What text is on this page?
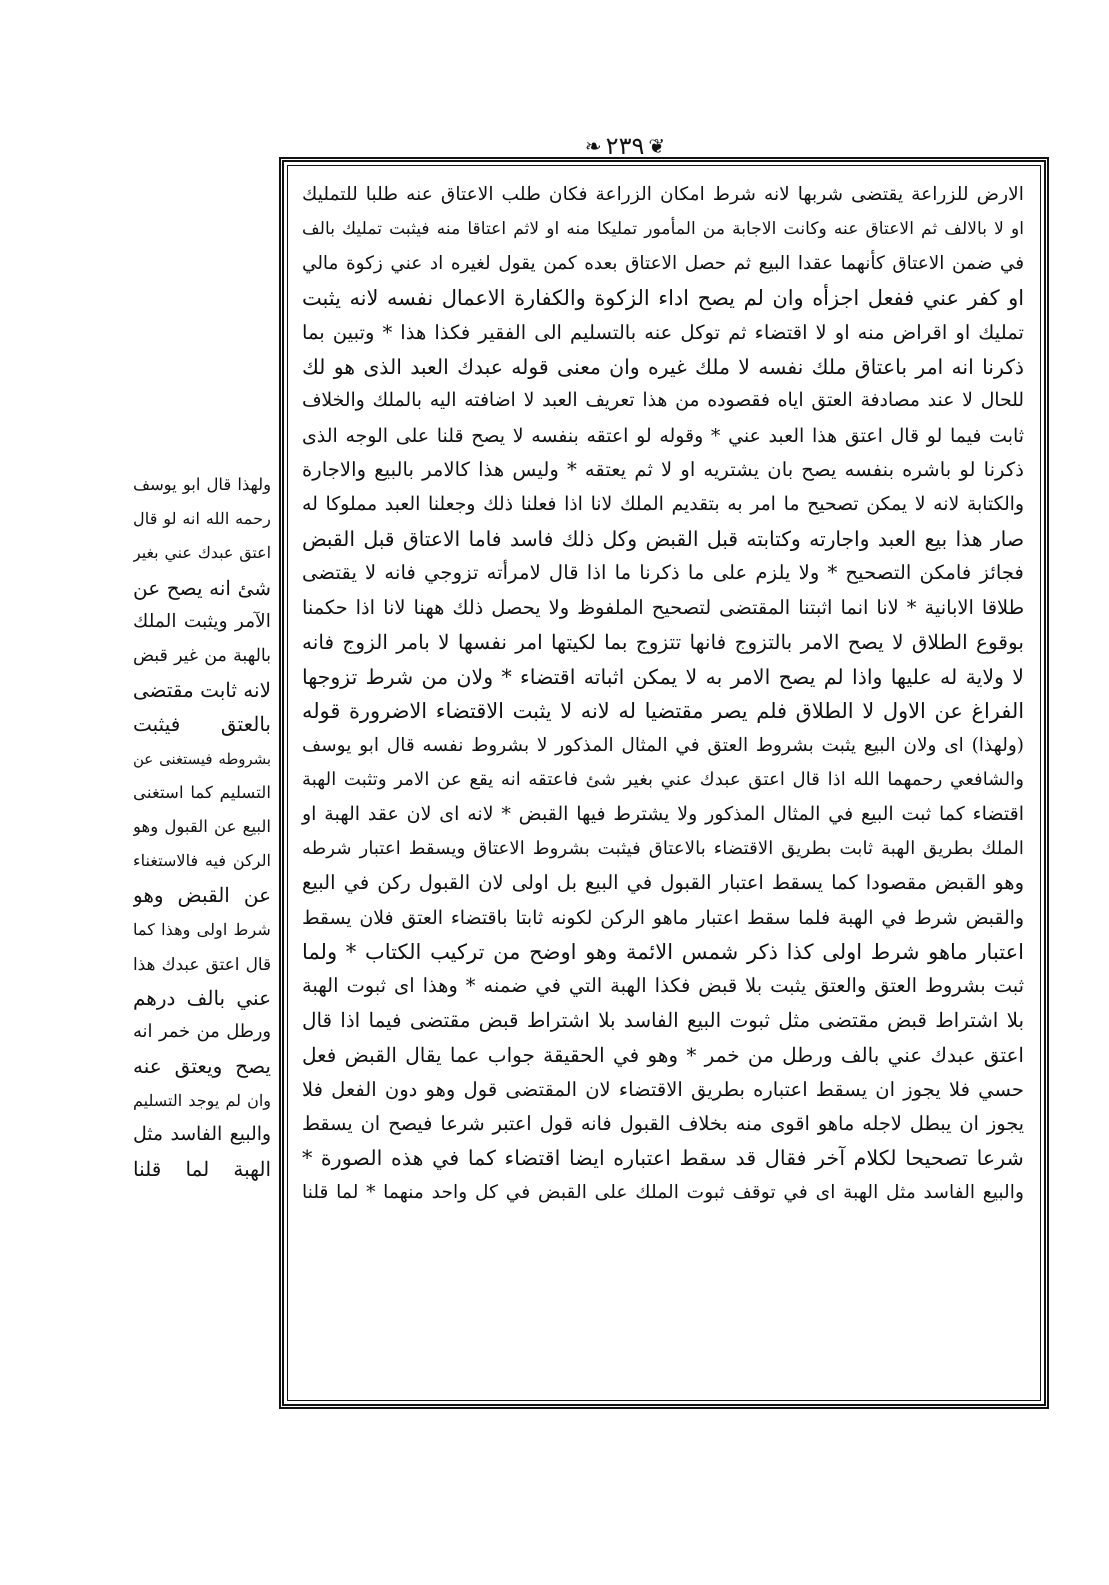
❦
٢٣٩
❧

الارض للزراعة يقتضى شربها لانه شرط امكان الزراعة فكان طلب الاعتاق عنه طلبا للتمليك
او لا بالالف ثم الاعتاق عنه وكانت الاجابة من المأمور تمليكا منه او لاثم اعتاقا منه فيثبت تمليك بالف
في ضمن الاعتاق كأنهما عقدا البيع ثم حصل الاعتاق بعده كمن يقول لغيره اد عني زكوة مالي
او كفر عني ففعل اجزأه وان لم يصح اداء الزكوة والكفارة الاعمال نفسه لانه يثبت
تمليك او اقراض منه او لا اقتضاء ثم توكل عنه بالتسليم الى الفقير فكذا هذا * وتبين بما
ذكرنا انه امر باعتاق ملك نفسه لا ملك غيره وان معنى قوله عبدك العبد الذى هو لك
للحال لا عند مصادفة العتق اياه فقصوده من هذا تعريف العبد لا اضافته اليه بالملك والخلاف
ثابت فيما لو قال اعتق هذا العبد عني * وقوله لو اعتقه بنفسه لا يصح قلنا على الوجه الذى
ذكرنا لو باشره بنفسه يصح بان يشتريه او لا ثم يعتقه * وليس هذا كالامر بالبيع والاجارة
والكتابة لانه لا يمكن تصحيح ما امر به بتقديم الملك لانا اذا فعلنا ذلك وجعلنا العبد مملوكا له
صار هذا بيع العبد واجارته وكتابته قبل القبض وكل ذلك فاسد فاما الاعتاق قبل القبض
فجائز فامكن التصحيح * ولا يلزم على ما ذكرنا ما اذا قال لامرأته تزوجي فانه لا يقتضى
طلاقا الابانية * لانا انما اثبتنا المقتضى لتصحيح الملفوظ ولا يحصل ذلك ههنا لانا اذا حكمنا
بوقوع الطلاق لا يصح الامر بالتزوج فانها تتزوج بما لكيتها امر نفسها لا بامر الزوج فانه
لا ولاية له عليها واذا لم يصح الامر به لا يمكن اثباته اقتضاء * ولان من شرط تزوجها
الفراغ عن الاول لا الطلاق فلم يصر مقتضيا له لانه لا يثبت الاقتضاء الاضرورة قوله
(ولهذا) اى ولان البيع يثبت بشروط العتق في المثال المذكور لا بشروط نفسه قال ابو يوسف
والشافعي رحمهما الله اذا قال اعتق عبدك عني بغير شئ فاعتقه انه يقع عن الامر وتثبت الهبة
اقتضاء كما ثبت البيع في المثال المذكور ولا يشترط فيها القبض * لانه اى لان عقد الهبة او
الملك بطريق الهبة ثابت بطريق الاقتضاء بالاعتاق فيثبت بشروط الاعتاق ويسقط اعتبار شرطه
وهو القبض مقصودا كما يسقط اعتبار القبول في البيع بل اولى لان القبول ركن في البيع
والقبض شرط في الهبة فلما سقط اعتبار ماهو الركن لكونه ثابتا باقتضاء العتق فلان يسقط
اعتبار ماهو شرط اولى كذا ذكر شمس الائمة وهو اوضح من تركيب الكتاب * ولما
ثبت بشروط العتق والعتق يثبت بلا قبض فكذا الهبة التي في ضمنه * وهذا اى ثبوت الهبة
بلا اشتراط قبض مقتضى مثل ثبوت البيع الفاسد بلا اشتراط قبض مقتضى فيما اذا قال
اعتق عبدك عني بالف ورطل من خمر * وهو في الحقيقة جواب عما يقال القبض فعل
حسي فلا يجوز ان يسقط اعتباره بطريق الاقتضاء لان المقتضى قول وهو دون الفعل فلا
يجوز ان يبطل لاجله ماهو اقوى منه بخلاف القبول فانه قول اعتبر شرعا فيصح ان يسقط
شرعا تصحيحا لكلام آخر فقال قد سقط اعتباره ايضا اقتضاء كما في هذه الصورة *
والبيع الفاسد مثل الهبة اى في توقف ثبوت الملك على القبض في كل واحد منهما * لما قلنا

ولهذا قال ابو يوسف
رحمه الله انه لو قال
اعتق عبدك عني بغير
شئ انه يصح عن
الآمر ويثبت الملك
بالهبة من غير قبض
لانه ثابت مقتضى
بالعتق فيثبت
بشروطه فيستغنى عن
التسليم كما استغنى
البيع عن القبول وهو
الركن فيه فالاستغناء
عن القبض وهو
شرط اولى وهذا كما
قال اعتق عبدك هذا
عني بالف درهم
ورطل من خمر انه
يصح ويعتق عنه
وان لم يوجد التسليم
والبيع الفاسد مثل
الهبة لما قلنا
